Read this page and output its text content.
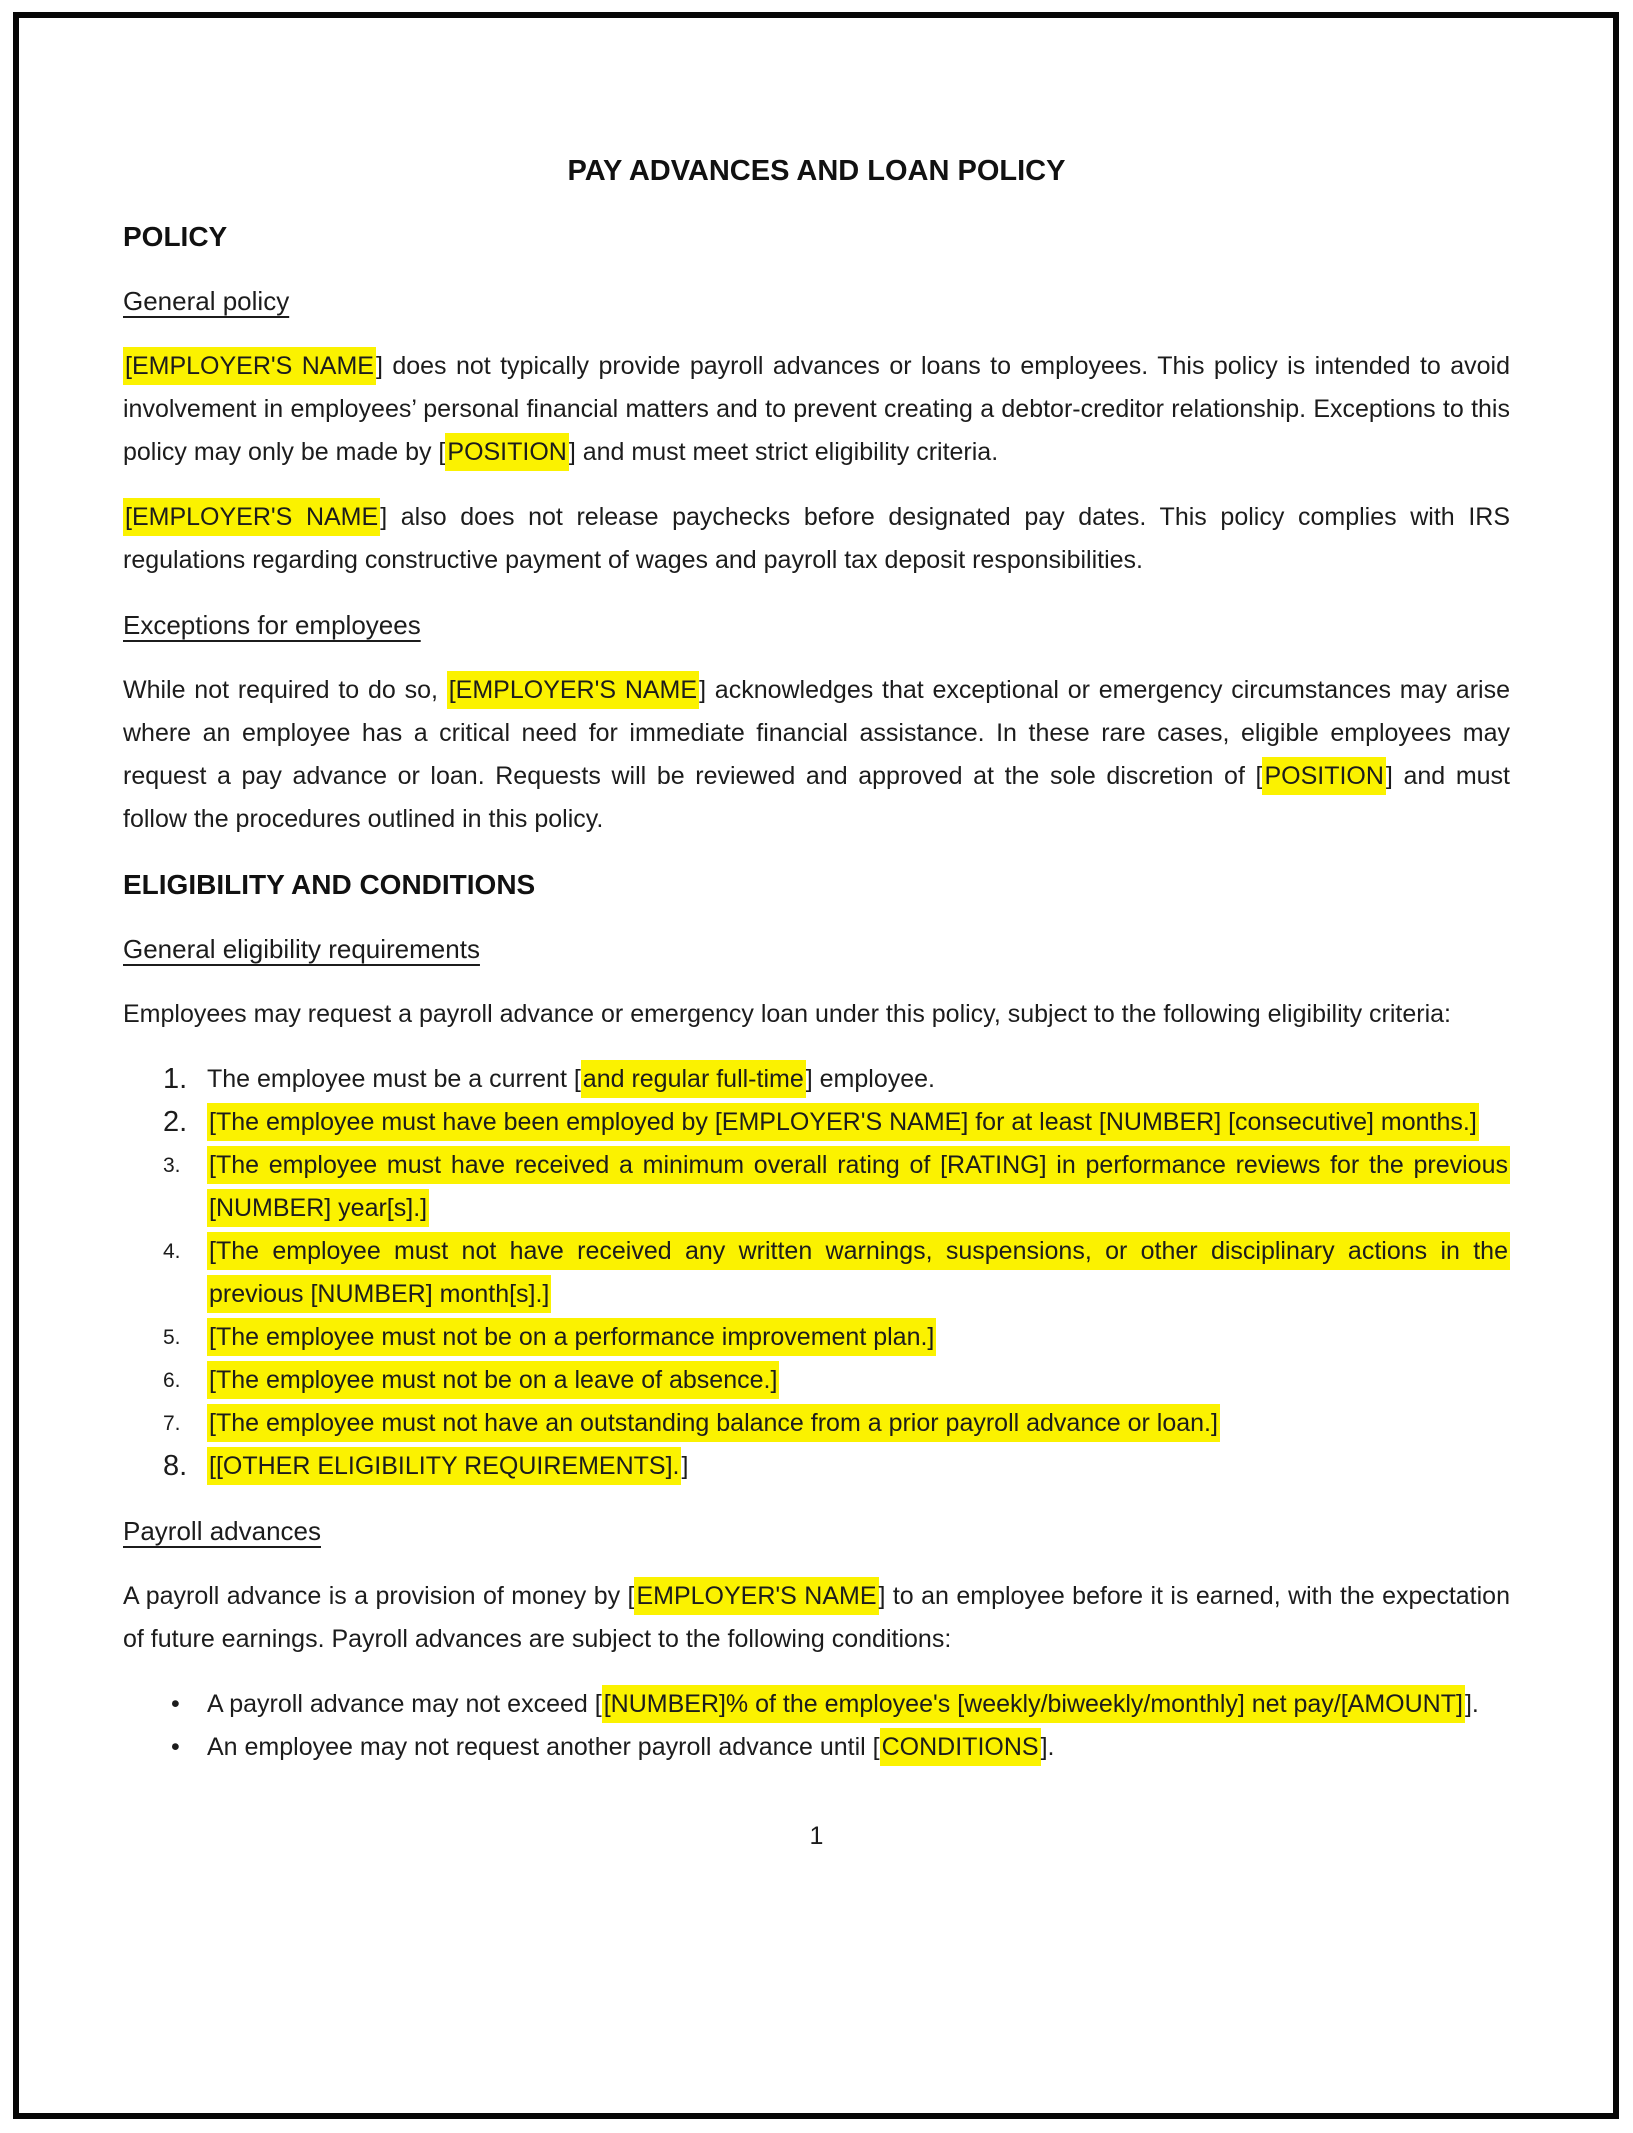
PAY ADVANCES AND LOAN POLICY
POLICY
General policy

[EMPLOYER'S NAME] does not typically provide payroll advances or loans to employees. This policy is intended to avoid involvement in employees’ personal financial matters and to prevent creating a debtor-creditor relationship. Exceptions to this policy may only be made by [POSITION] and must meet strict eligibility criteria.

[EMPLOYER'S NAME] also does not release paychecks before designated pay dates. This policy complies with IRS regulations regarding constructive payment of wages and payroll tax deposit responsibilities.

Exceptions for employees

While not required to do so, [EMPLOYER'S NAME] acknowledges that exceptional or emergency circumstances may arise where an employee has a critical need for immediate financial assistance. In these rare cases, eligible employees may request a pay advance or loan. Requests will be reviewed and approved at the sole discretion of [POSITION] and must follow the procedures outlined in this policy.

ELIGIBILITY AND CONDITIONS
General eligibility requirements

Employees may request a payroll advance or emergency loan under this policy, subject to the following eligibility criteria:

1. The employee must be a current [and regular full-time] employee.
2. [The employee must have been employed by [EMPLOYER'S NAME] for at least [NUMBER] [consecutive] months.]
3.	[The employee must have received a minimum overall rating of [RATING] in performance reviews for the previous [NUMBER] year[s].]
4.	[The employee must not have received any written warnings, suspensions, or other disciplinary actions in the previous [NUMBER] month[s].]
5.	[The employee must not be on a performance improvement plan.]
6.	[The employee must not be on a leave of absence.]
7.	[The employee must not have an outstanding balance from a prior payroll advance or loan.]
8. [[OTHER ELIGIBILITY REQUIREMENTS].]
Payroll advances

A payroll advance is a provision of money by [EMPLOYER'S NAME] to an employee before it is earned, with the expectation of future earnings. Payroll advances are subject to the following conditions:

•	A payroll advance may not exceed [[NUMBER]% of the employee's [weekly/biweekly/monthly] net pay/[AMOUNT]].
•	An employee may not request another payroll advance until [CONDITIONS].
1
